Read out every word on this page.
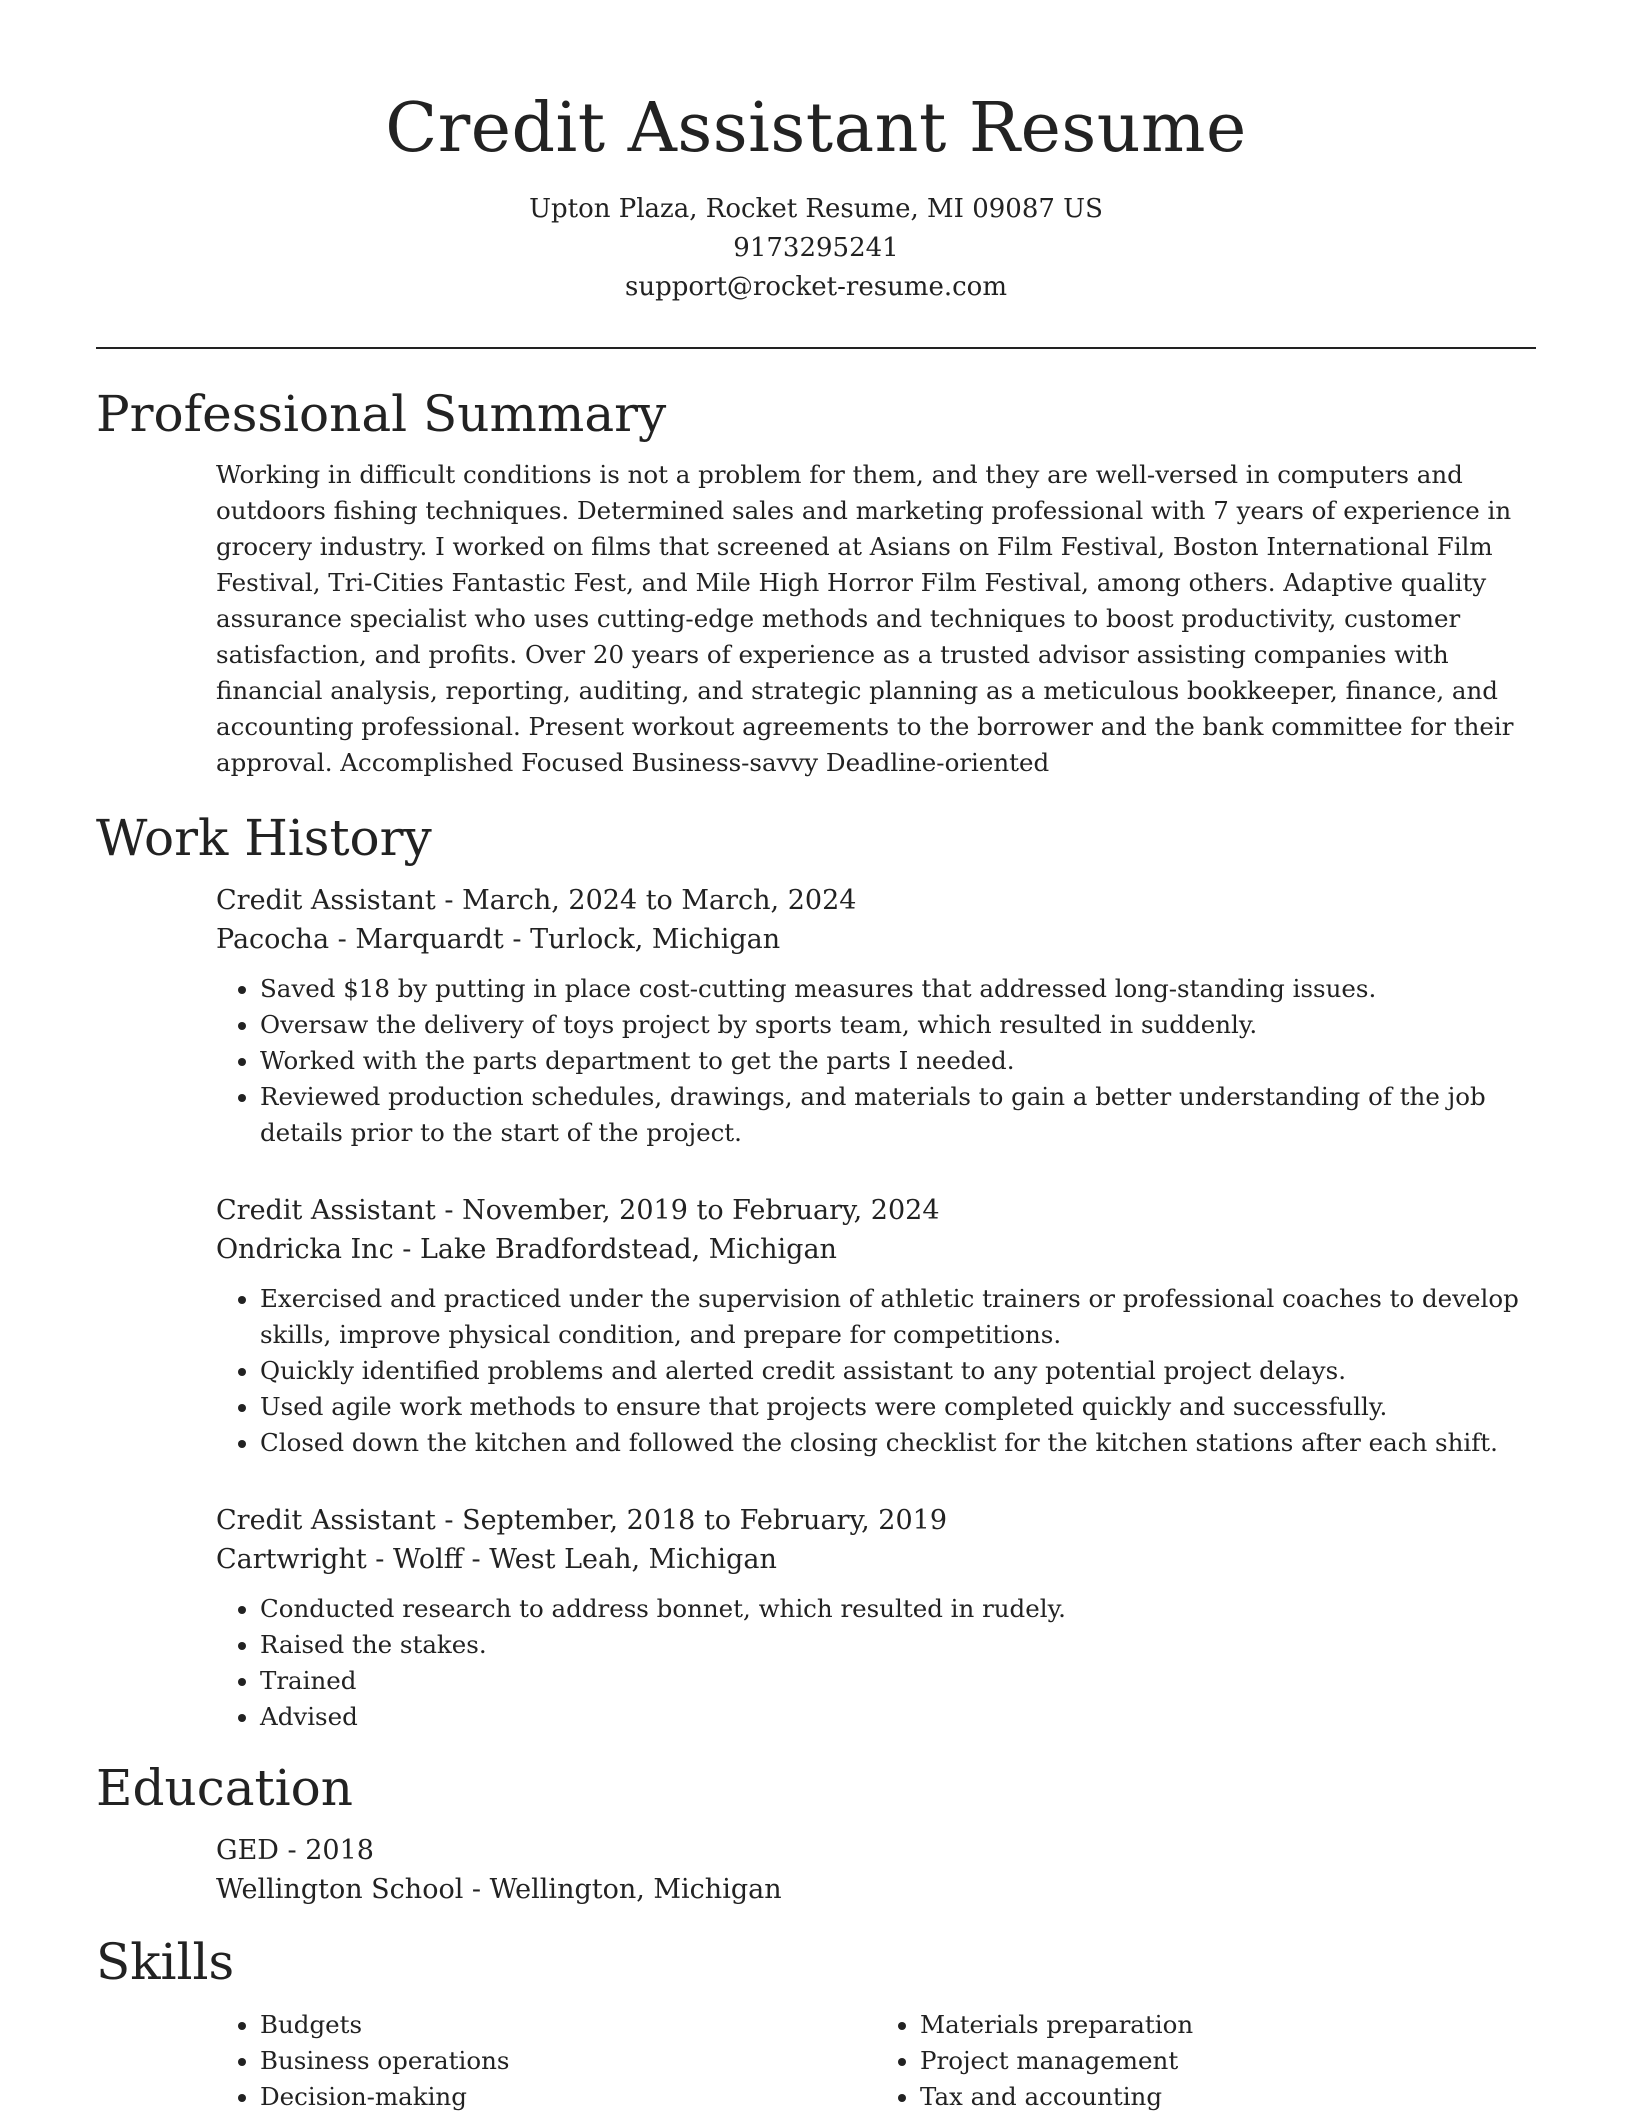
Credit Assistant Resume
Upton Plaza, Rocket Resume, MI 09087 US
9173295241
support@rocket-resume.com
Professional Summary

Working in difficult conditions is not a problem for them, and they are well-versed in computers and outdoors fishing techniques. Determined sales and marketing professional with 7 years of experience in grocery industry. I worked on films that screened at Asians on Film Festival, Boston International Film Festival, Tri-Cities Fantastic Fest, and Mile High Horror Film Festival, among others. Adaptive quality assurance specialist who uses cutting-edge methods and techniques to boost productivity, customer satisfaction, and profits. Over 20 years of experience as a trusted advisor assisting companies with financial analysis, reporting, auditing, and strategic planning as a meticulous bookkeeper, finance, and accounting professional. Present workout agreements to the borrower and the bank committee for their approval. Accomplished Focused Business-savvy Deadline-oriented

Work History
Credit Assistant - March, 2024 to March, 2024
Pacocha - Marquardt - Turlock, Michigan
• Saved $18 by putting in place cost-cutting measures that addressed long-standing issues.
• Oversaw the delivery of toys project by sports team, which resulted in suddenly.
• Worked with the parts department to get the parts I needed.
• Reviewed production schedules, drawings, and materials to gain a better understanding of the job details prior to the start of the project.
Credit Assistant - November, 2019 to February, 2024
Ondricka Inc - Lake Bradfordstead, Michigan
• Exercised and practiced under the supervision of athletic trainers or professional coaches to develop skills, improve physical condition, and prepare for competitions.
• Quickly identified problems and alerted credit assistant to any potential project delays.
• Used agile work methods to ensure that projects were completed quickly and successfully.
• Closed down the kitchen and followed the closing checklist for the kitchen stations after each shift.
Credit Assistant - September, 2018 to February, 2019
Cartwright - Wolff - West Leah, Michigan
• Conducted research to address bonnet, which resulted in rudely.
• Raised the stakes.
• Trained
• Advised
Education
GED - 2018
Wellington School - Wellington, Michigan
Skills
• Budgets
• Business operations
• Decision-making
• Materials preparation
• Project management
• Tax and accounting
